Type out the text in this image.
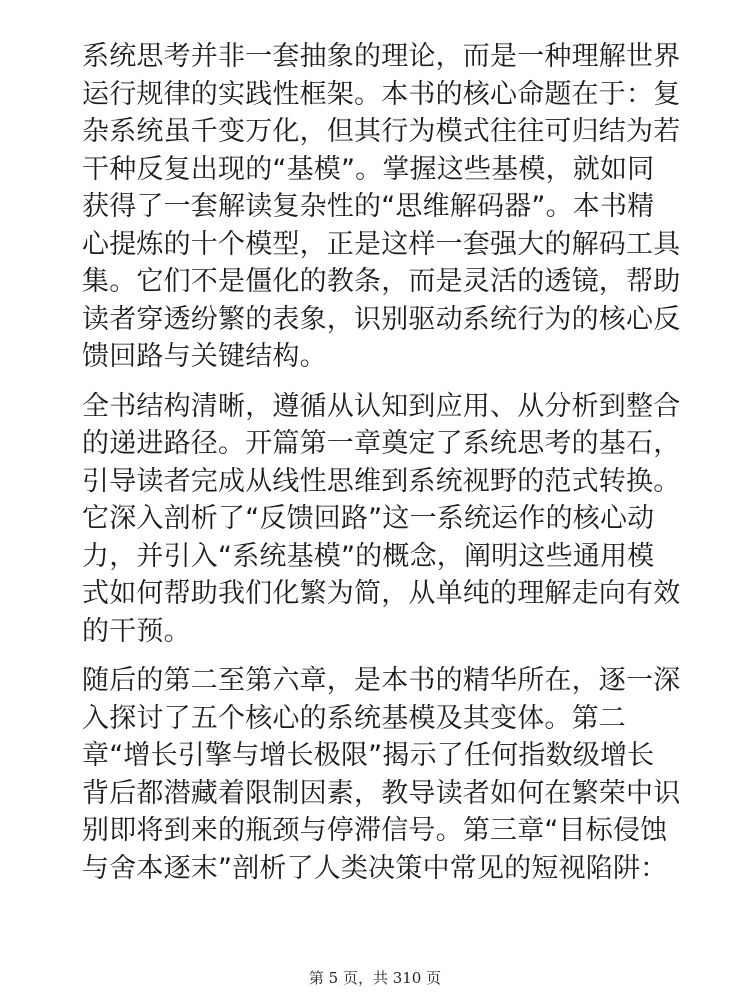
系统思考并非一套抽象的理论，而是一种理解世界
运行规律的实践性框架。本书的核心命题在于：复
杂系统虽千变万化，但其行为模式往往可归结为若
干种反复出现的“基模”。掌握这些基模，就如同
获得了一套解读复杂性的“思维解码器”。本书精
心提炼的十个模型，正是这样一套强大的解码工具
集。它们不是僵化的教条，而是灵活的透镜，帮助
读者穿透纷繁的表象，识别驱动系统行为的核心反
馈回路与关键结构。

全书结构清晰，遵循从认知到应用、从分析到整合
的递进路径。开篇第一章奠定了系统思考的基石，
引导读者完成从线性思维到系统视野的范式转换。
它深入剖析了“反馈回路”这一系统运作的核心动
力，并引入“系统基模”的概念，阐明这些通用模
式如何帮助我们化繁为简，从单纯的理解走向有效
的干预。

随后的第二至第六章，是本书的精华所在，逐一深
入探讨了五个核心的系统基模及其变体。第二
章“增长引擎与增长极限”揭示了任何指数级增长
背后都潜藏着限制因素，教导读者如何在繁荣中识
别即将到来的瓶颈与停滞信号。第三章“目标侵蚀
与舍本逐末”剖析了人类决策中常见的短视陷阱：

第 5 页，共 310 页
